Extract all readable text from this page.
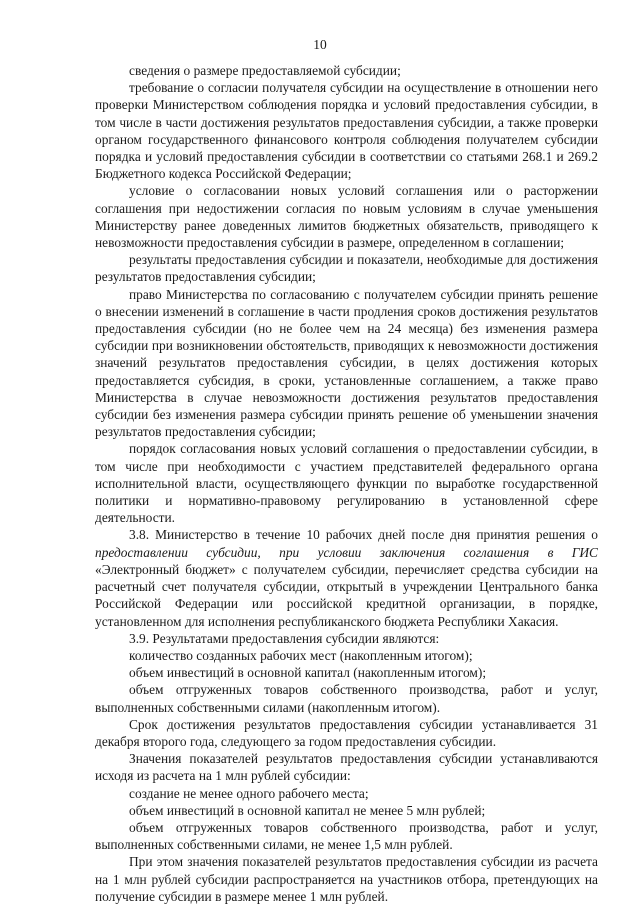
10

сведения о размере предоставляемой субсидии;

требование о согласии получателя субсидии на осуществление в отношении него проверки Министерством соблюдения порядка и условий предоставления субсидии, в том числе в части достижения результатов предоставления субсидии, а также проверки органом государственного финансового контроля соблюдения получателем субсидии порядка и условий предоставления субсидии в соответствии со статьями 268.1 и 269.2 Бюджетного кодекса Российской Федерации;

условие о согласовании новых условий соглашения или о расторжении соглашения при недостижении согласия по новым условиям в случае уменьшения Министерству ранее доведенных лимитов бюджетных обязательств, приводящего к невозможности предоставления субсидии в размере, определенном в соглашении;

результаты предоставления субсидии и показатели, необходимые для достижения результатов предоставления субсидии;

право Министерства по согласованию с получателем субсидии принять решение о внесении изменений в соглашение в части продления сроков достижения результатов предоставления субсидии (но не более чем на 24 месяца) без изменения размера субсидии при возникновении обстоятельств, приводящих к невозможности достижения значений результатов предоставления субсидии, в целях достижения которых предоставляется субсидия, в сроки, установленные соглашением, а также право Министерства в случае невозможности достижения результатов предоставления субсидии без изменения размера субсидии принять решение об уменьшении значения результатов предоставления субсидии;

порядок согласования новых условий соглашения о предоставлении субсидии, в том числе при необходимости с участием представителей федерального органа исполнительной власти, осуществляющего функции по выработке государственной политики и нормативно-правовому регулированию в установленной сфере деятельности.

3.8. Министерство в течение 10 рабочих дней после дня принятия решения о

предоставлении субсидии, при условии заключения соглашения в ГИС

«Электронный бюджет» с получателем субсидии, перечисляет средства субсидии на расчетный счет получателя субсидии, открытый в учреждении Центрального банка Российской Федерации или российской кредитной организации, в порядке, установленном для исполнения республиканского бюджета Республики Хакасия.

3.9. Результатами предоставления субсидии являются:

количество созданных рабочих мест (накопленным итогом);

объем инвестиций в основной капитал (накопленным итогом);

объем отгруженных товаров собственного производства, работ и услуг, выполненных собственными силами (накопленным итогом).

Срок достижения результатов предоставления субсидии устанавливается 31 декабря второго года, следующего за годом предоставления субсидии.

Значения показателей результатов предоставления субсидии устанавливаются исходя из расчета на 1 млн рублей субсидии:

создание не менее одного рабочего места;

объем инвестиций в основной капитал не менее 5 млн рублей;

объем отгруженных товаров собственного производства, работ и услуг, выполненных собственными силами, не менее 1,5 млн рублей.

При этом значения показателей результатов предоставления субсидии из расчета на 1 млн рублей субсидии распространяется на участников отбора, претендующих на получение субсидии в размере менее 1 млн рублей.
